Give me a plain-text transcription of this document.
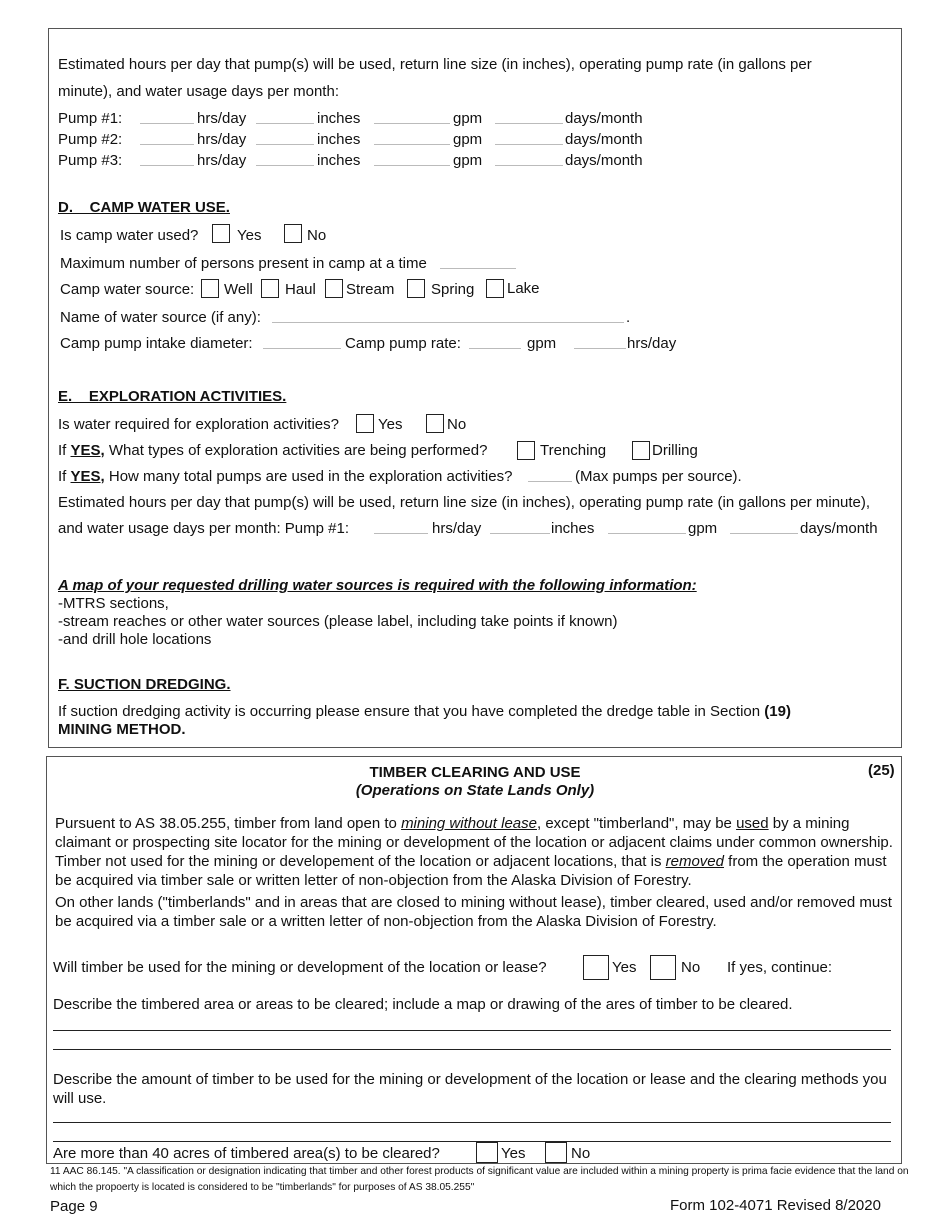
Estimated hours per day that pump(s) will be used, return line size (in inches), operating pump rate (in gallons per
minute), and water usage days per month:
Pump #1:	hrs/day	inches	gpm	days/month
Pump #2:	hrs/day	inches	gpm	days/month
Pump #3:	hrs/day	inches	gpm	days/month
D.    CAMP WATER USE.
Is camp water used?	Yes	No
Maximum number of persons present in camp at a time
Camp water source: Well Haul Stream Spring Lake
Name of water source (if any):	.
Camp pump intake diameter:	Camp pump rate:	gpm	hrs/day
E.    EXPLORATION ACTIVITIES.
Is water required for exploration activities?	Yes	No
If YES, What types of exploration activities are being performed?	Trenching	Drilling
If YES, How many total pumps are used in the exploration activities?	(Max pumps per source).
Estimated hours per day that pump(s) will be used, return line size (in inches), operating pump rate (in gallons per minute),
and water usage days per month: Pump #1:	hrs/day	inches	gpm	days/month
A map of your requested drilling water sources is required with the following information:
-MTRS sections,
-stream reaches or other water sources (please label, including take points if known)
-and drill hole locations
F. SUCTION DREDGING.
If suction dredging activity is occurring please ensure that you have completed the dredge table in Section (19)
MINING METHOD.
TIMBER CLEARING AND USE
(Operations on State Lands Only)
(25)
Pursuent to AS 38.05.255, timber from land open to mining without lease, except "timberland", may be used by a mining claimant or prospecting site locator for the mining or development of the location or adjacent claims under common ownership. Timber not used for the mining or developement of the location or adjacent locations, that is removed from the operation must be acquired via timber sale or written letter of non-objection from the Alaska Division of Forestry.
On other lands ("timberlands" and in areas that are closed to mining without lease), timber cleared, used and/or removed must be acquired via a timber sale or a written letter of non-objection from the Alaska Division of Forestry.
Will timber be used for the mining or development of the location or lease?	Yes	No If yes, continue:
Describe the timbered area or areas to be cleared; include a map or drawing of the ares of timber to be cleared.
Describe the amount of timber to be used for the mining or development of the location or lease and the clearing methods you will use.
Are more than 40 acres of timbered area(s) to be cleared?	Yes	No
11 AAC 86.145. "A classification or designation indicating that timber and other forest products of significant value are included within a mining property is prima facie evidence that the land on which the propoerty is located is considered to be "timberlands" for purposes of AS 38.05.255"
Page 9	Form 102-4071 Revised 8/2020
